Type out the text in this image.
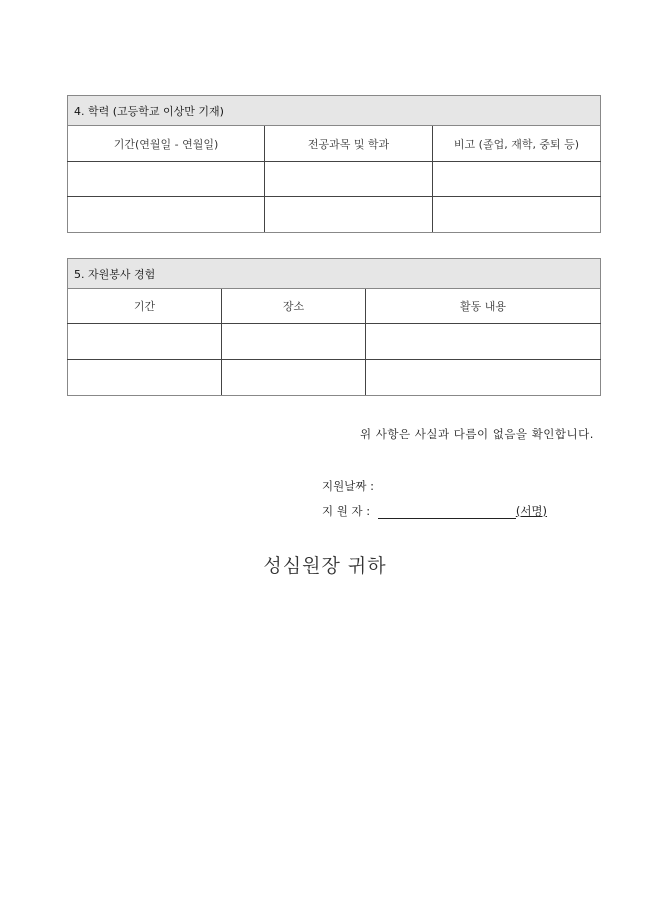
4. 학력 (고등학교 이상만 기재)		
기간(연월일 - 연월일)	전공과목 및 학과	비고 (졸업, 재학, 중퇴 등)

5. 자원봉사 경험		
기간	장소	활동 내용

위 사항은 사실과 다름이 없음을 확인합니다.
지원날짜 :
지 원 자 :	(서명)
성심원장 귀하
